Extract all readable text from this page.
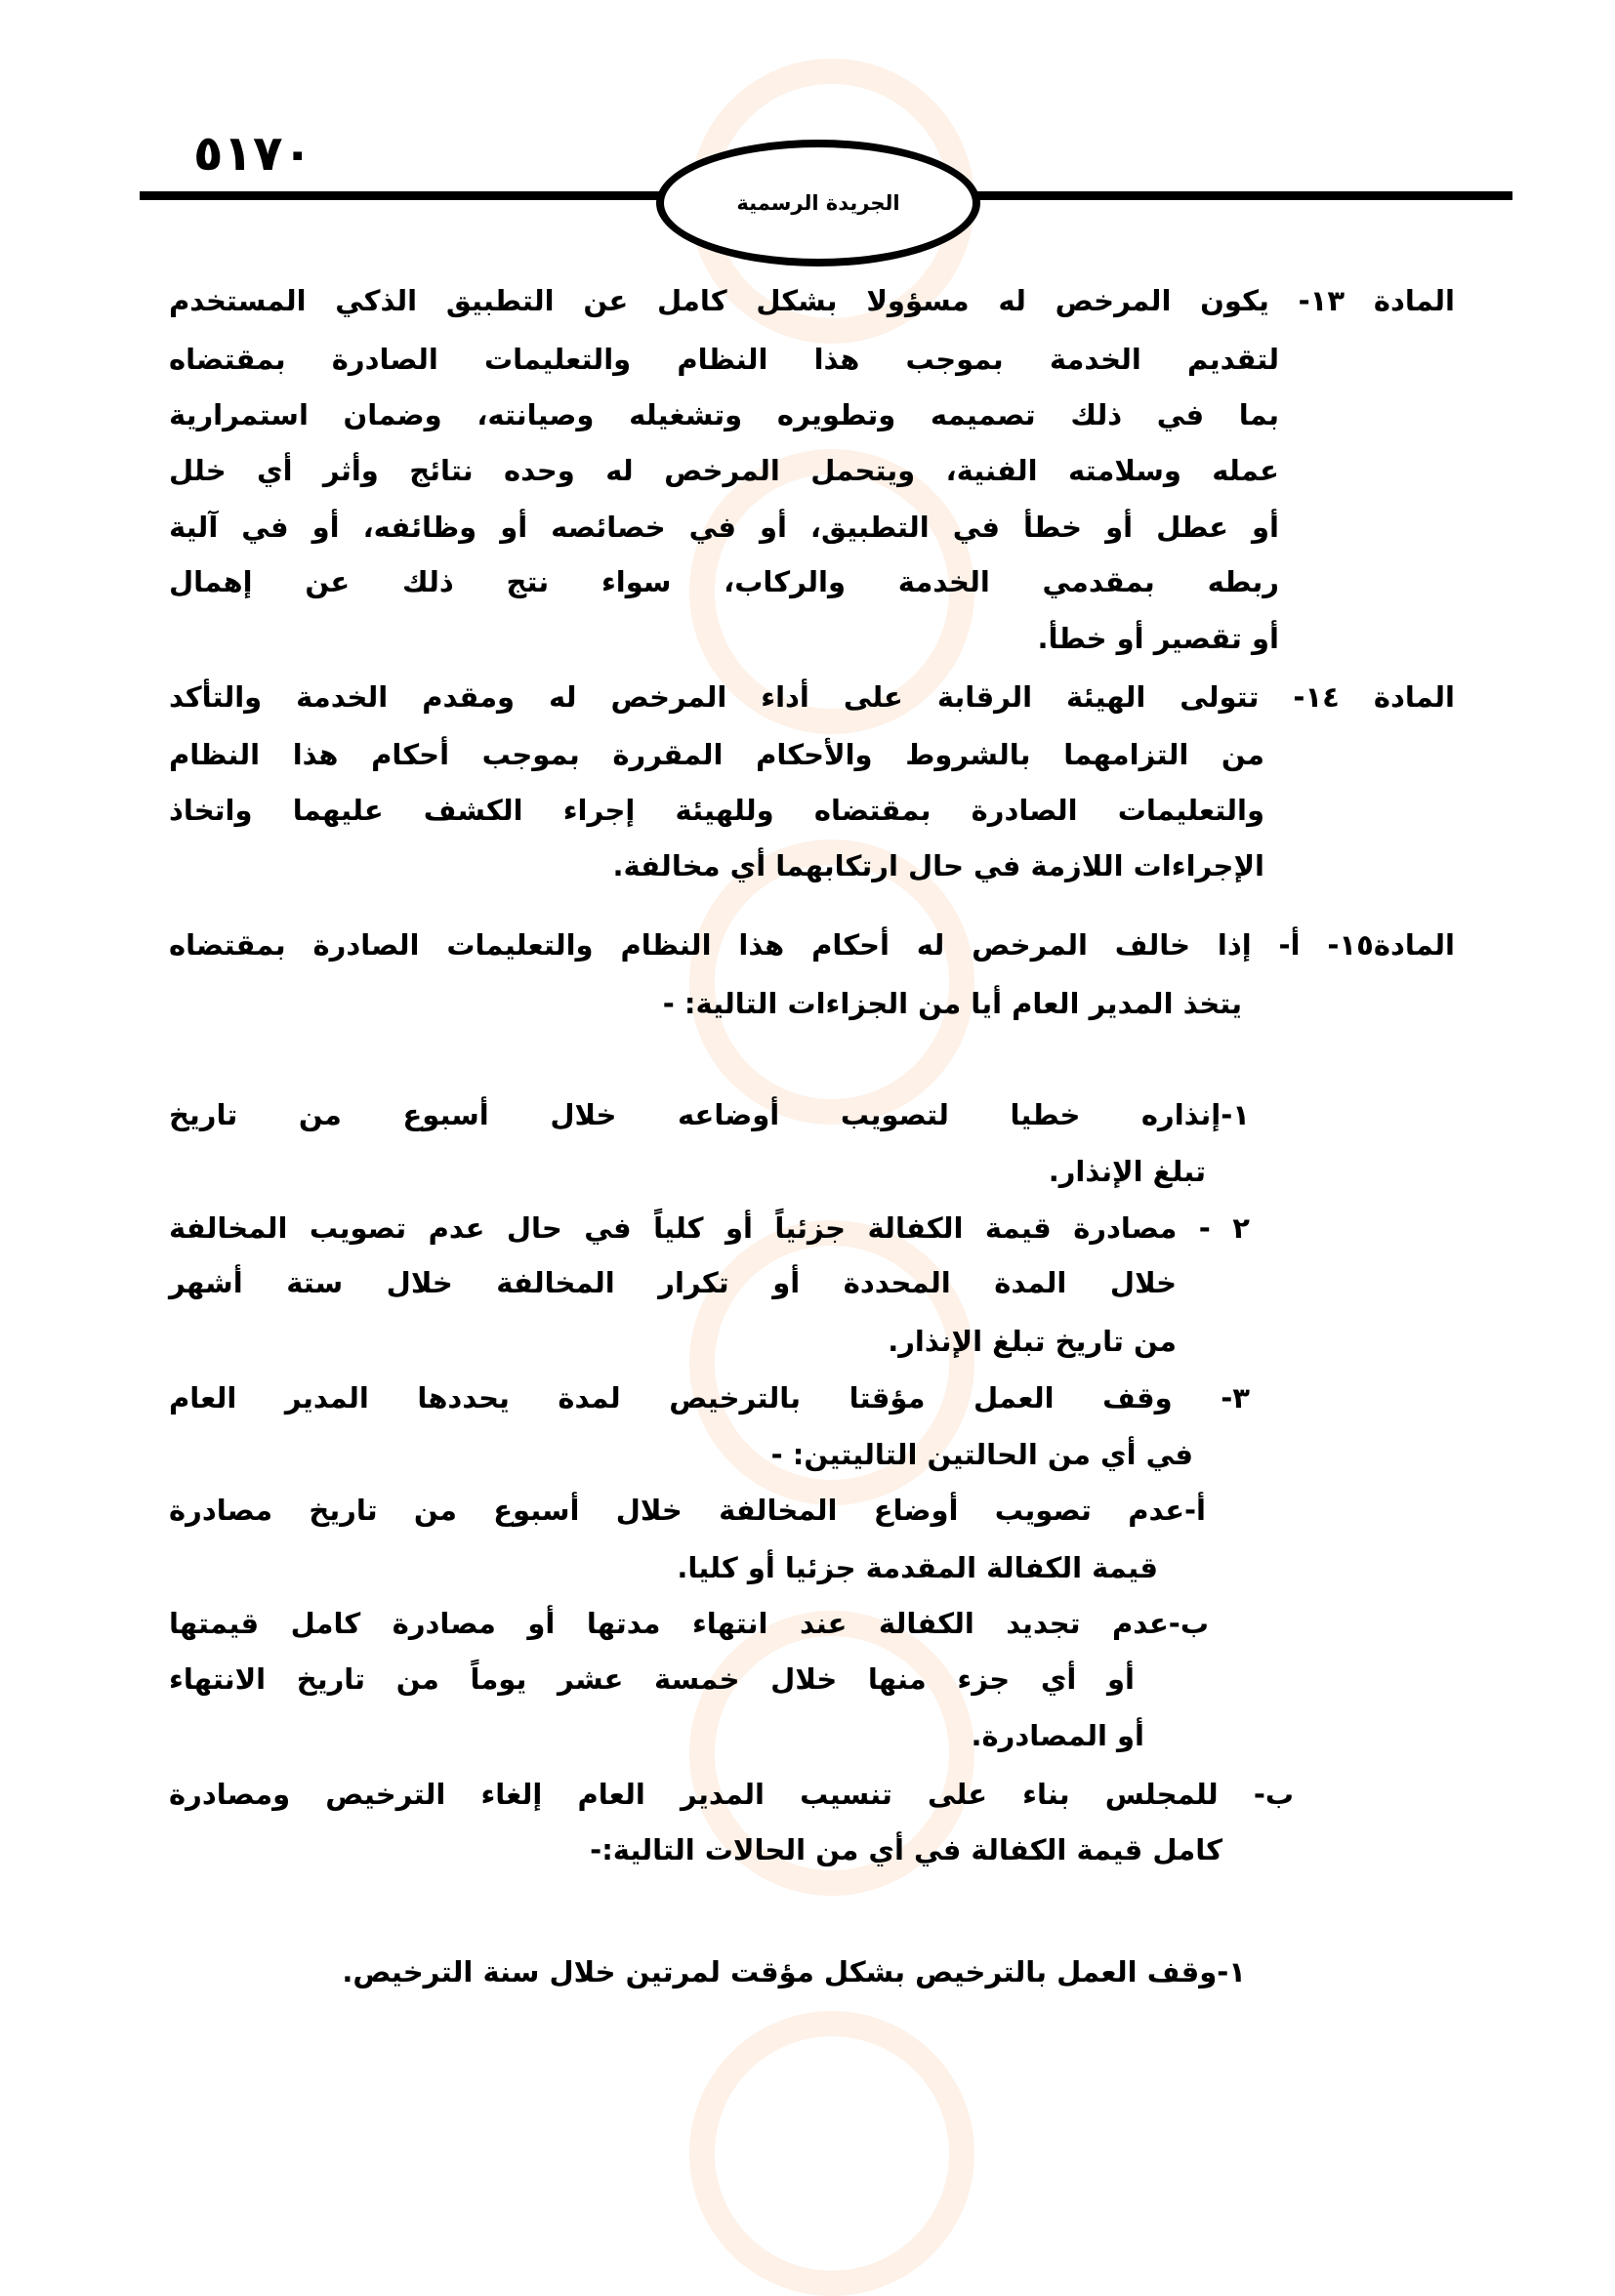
٥١٧٠
الجريدة الرسمية
المادة ١٣- يكون المرخص له مسؤولا بشكل كامل عن التطبيق الذكي المستخدم
لتقديم الخدمة بموجب هذا النظام والتعليمات الصادرة بمقتضاه
بما في ذلك تصميمه وتطويره وتشغيله وصيانته، وضمان استمرارية
عمله وسلامته الفنية، ويتحمل المرخص له وحده نتائج وأثر أي خلل
أو عطل أو خطأ في التطبيق، أو في خصائصه أو وظائفه، أو في آلية
ربطه بمقدمي الخدمة والركاب، سواء نتج ذلك عن إهمال
أو تقصير أو خطأ.
المادة ١٤- تتولى الهيئة الرقابة على أداء المرخص له ومقدم الخدمة والتأكد
من التزامهما بالشروط والأحكام المقررة بموجب أحكام هذا النظام
والتعليمات الصادرة بمقتضاه وللهيئة إجراء الكشف عليهما واتخاذ
الإجراءات اللازمة في حال ارتكابهما أي مخالفة.
المادة١٥- أ- إذا خالف المرخص له أحكام هذا النظام والتعليمات الصادرة بمقتضاه
يتخذ المدير العام أيا من الجزاءات التالية: -
١-إنذاره خطيا لتصويب أوضاعه خلال أسبوع من تاريخ
تبلغ الإنذار.
٢ - مصادرة قيمة الكفالة جزئياً أو كلياً في حال عدم تصويب المخالفة
خلال المدة المحددة أو تكرار المخالفة خلال ستة أشهر
من تاريخ تبلغ الإنذار.
٣- وقف العمل مؤقتا بالترخيص لمدة يحددها المدير العام
في أي من الحالتين التاليتين: -
أ-عدم تصويب أوضاع المخالفة خلال أسبوع من تاريخ مصادرة
قيمة الكفالة المقدمة جزئيا أو كليا.
ب-عدم تجديد الكفالة عند انتهاء مدتها أو مصادرة كامل قيمتها
أو أي جزء منها خلال خمسة عشر يوماً من تاريخ الانتهاء
أو المصادرة.
ب- للمجلس بناء على تنسيب المدير العام إلغاء الترخيص ومصادرة
كامل قيمة الكفالة في أي من الحالات التالية:-
١-وقف العمل بالترخيص بشكل مؤقت لمرتين خلال سنة الترخيص.
